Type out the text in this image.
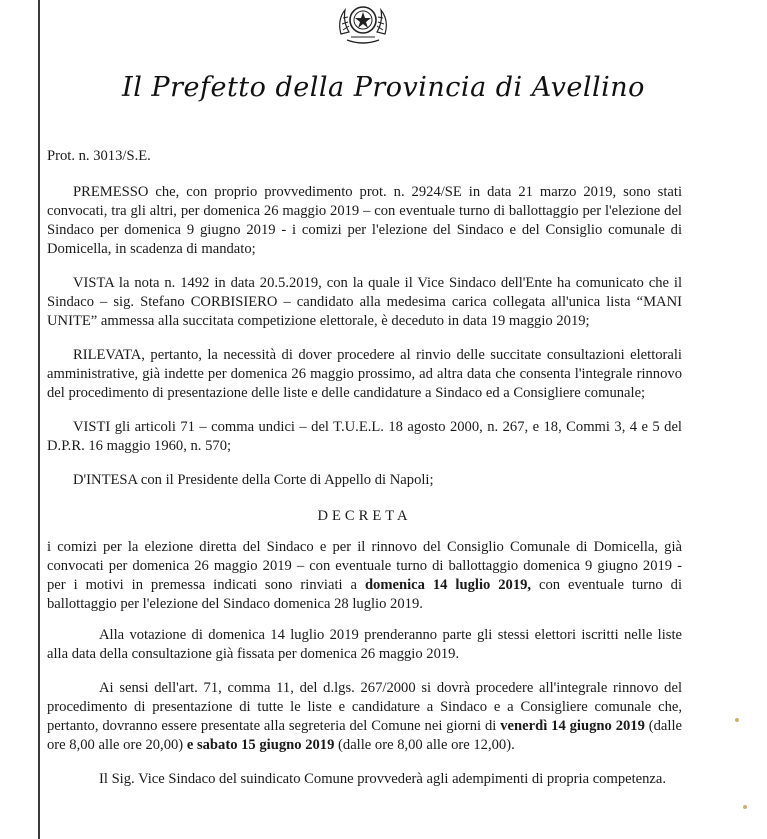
Il Prefetto della Provincia di Avellino

Prot. n. 3013/S.E.

PREMESSO che, con proprio provvedimento prot. n. 2924/SE in data 21 marzo 2019, sono stati convocati, tra gli altri, per domenica 26 maggio 2019 – con eventuale turno di ballottaggio per l'elezione del Sindaco per domenica 9 giugno 2019 - i comizi per l'elezione del Sindaco e del Consiglio comunale di Domicella, in scadenza di mandato;

VISTA la nota n. 1492 in data 20.5.2019, con la quale il Vice Sindaco dell'Ente ha comunicato che il Sindaco – sig. Stefano CORBISIERO – candidato alla medesima carica collegata all'unica lista “MANI UNITE” ammessa alla succitata competizione elettorale, è deceduto in data 19 maggio 2019;

RILEVATA, pertanto, la necessità di dover procedere al rinvio delle succitate consultazioni elettorali amministrative, già indette per domenica 26 maggio prossimo, ad altra data che consenta l'integrale rinnovo del procedimento di presentazione delle liste e delle candidature a Sindaco ed a Consigliere comunale;

VISTI gli articoli 71 – comma undici – del T.U.E.L. 18 agosto 2000, n. 267, e 18, Commi 3, 4 e 5 del D.P.R. 16 maggio 1960, n. 570;

D'INTESA con il Presidente della Corte di Appello di Napoli;

DECRETA

i comizi per la elezione diretta del Sindaco e per il rinnovo del Consiglio Comunale di Domicella, già convocati per domenica 26 maggio 2019 – con eventuale turno di ballottaggio domenica 9 giugno 2019 - per i motivi in premessa indicati sono rinviati a domenica 14 luglio 2019, con eventuale turno di ballottaggio per l'elezione del Sindaco domenica 28 luglio 2019.

Alla votazione di domenica 14 luglio 2019 prenderanno parte gli stessi elettori iscritti nelle liste alla data della consultazione già fissata per domenica 26 maggio 2019.

Ai sensi dell'art. 71, comma 11, del d.lgs. 267/2000 si dovrà procedere all'integrale rinnovo del procedimento di presentazione di tutte le liste e candidature a Sindaco e a Consigliere comunale che, pertanto, dovranno essere presentate alla segreteria del Comune nei giorni di venerdì 14 giugno 2019 (dalle ore 8,00 alle ore 20,00) e sabato 15 giugno 2019 (dalle ore 8,00 alle ore 12,00).

Il Sig. Vice Sindaco del suindicato Comune provvederà agli adempimenti di propria competenza.
